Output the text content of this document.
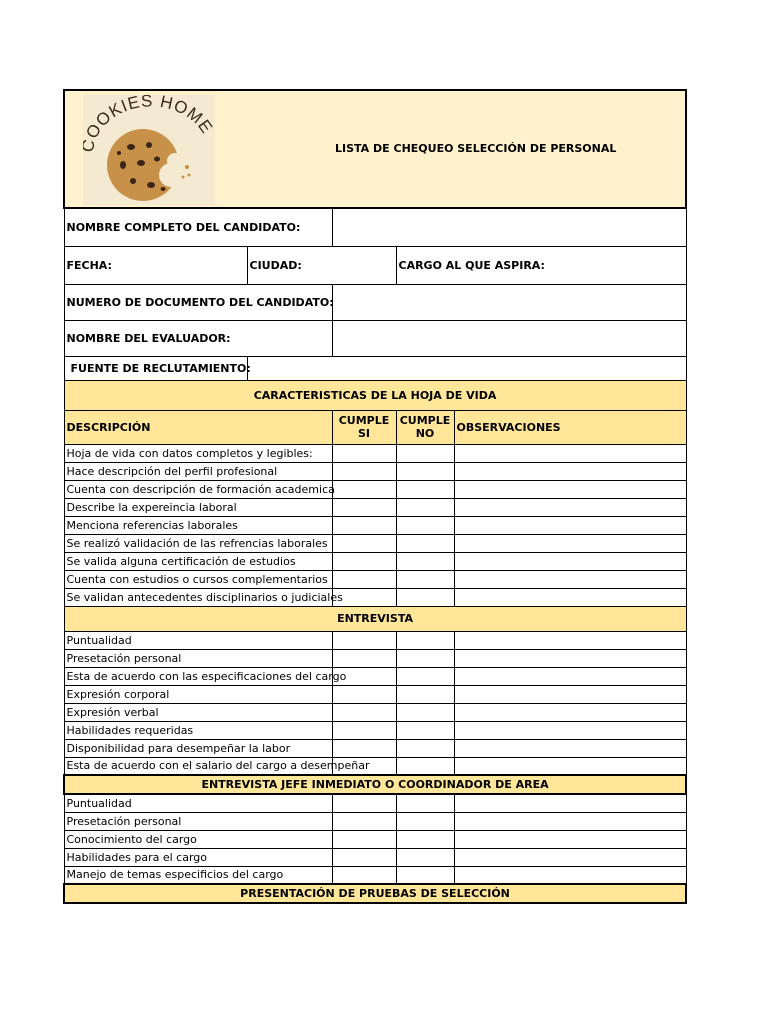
OOKIES HOME
LISTA DE CHEQUEO SELECCIÓN DE PERSONAL				

NOMBRE COMPLETO DEL CANDIDATO:				
FECHA:	CIUDAD:		CARGO AL QUE ASPIRA:	
NUMERO DE DOCUMENTO DEL CANDIDATO:				
NOMBRE DEL EVALUADOR:				
FUENTE DE RECLUTAMIENTO:				
CARACTERISTICAS DE LA HOJA DE VIDA				
DESCRIPCIÓN		CUMPLE SI	CUMPLE NO	OBSERVACIONES
Hoja de vida con datos completos y legibles:				
Hace descripción del perfil profesional				
Cuenta con descripción de formación academica				
Describe la expereincia laboral				
Menciona referencias laborales				
Se realizó validación de las refrencias laborales				
Se valida alguna certificación de estudios				
Cuenta con estudios o cursos complementarios				
Se validan antecedentes disciplinarios o judiciales				
ENTREVISTA				
Puntualidad				
Presetación personal				
Esta de acuerdo con las especificaciones del cargo				
Expresión corporal				
Expresión verbal				
Habilidades requeridas				
Disponibilidad para desempeñar la labor				
Esta de acuerdo con el salario del cargo a desempeñar				
ENTREVISTA JEFE INMEDIATO O COORDINADOR DE AREA				
Puntualidad				
Presetación personal				
Conocimiento del cargo				
Habilidades para el cargo				
Manejo de temas especificios del cargo				
PRESENTACIÓN DE PRUEBAS DE SELECCIÓN				
